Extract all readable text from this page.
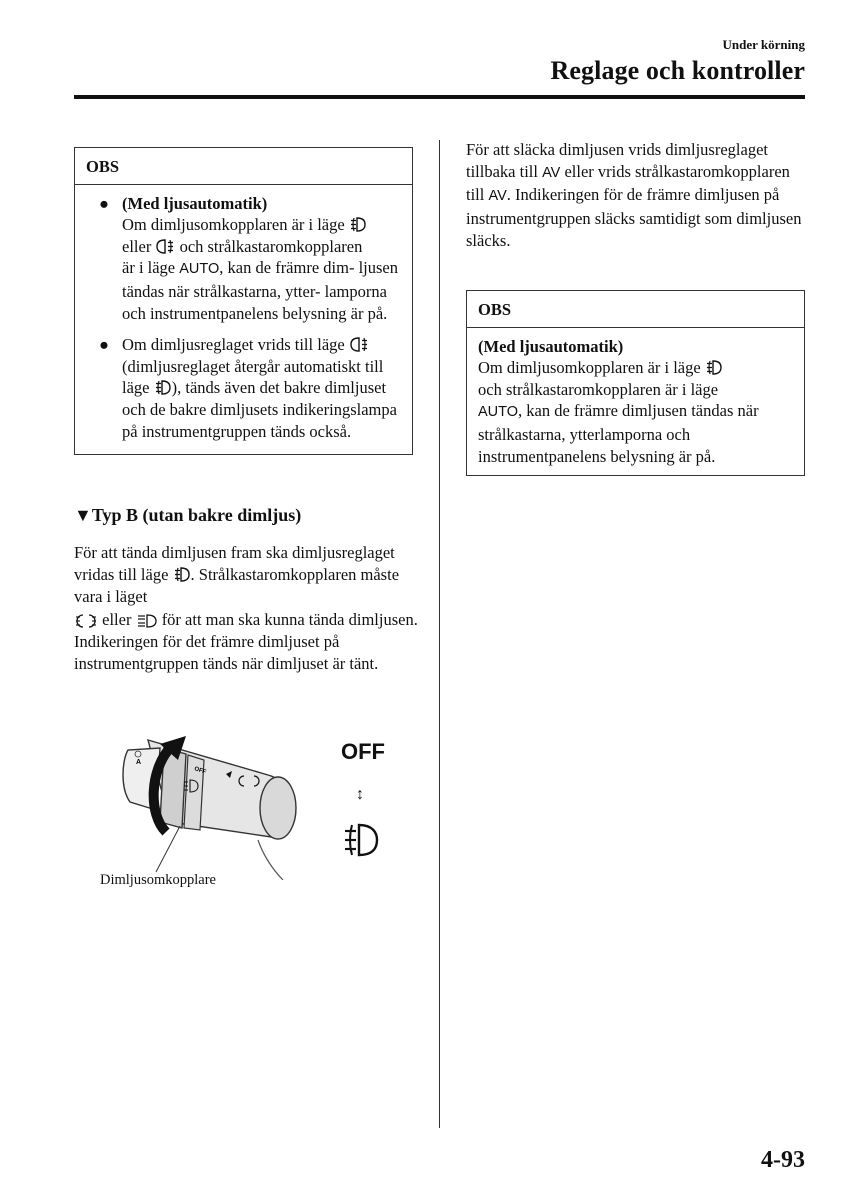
Under körning
Reglage och kontroller
OBS
● (Med ljusautomatik)
Om dimljusomkopplaren är i läge
eller och strålkastaromkopplaren
är i läge AUTO, kan de främre dim- ljusen tändas när strålkastarna, ytter- lamporna och instrumentpanelens belysning är på.
● Om dimljusreglaget vrids till läge  (dimljusreglaget återgår automatiskt till läge ), tänds även det bakre dimljuset och de bakre dimljusets indikeringslampa på instrumentgruppen tänds också.
▼Typ B (utan bakre dimljus)
För att tända dimljusen fram ska dimljusreglaget vridas till läge . Strålkastaromkopplaren måste vara i läget
eller för att man ska kunna tända dimljusen.
Indikeringen för det främre dimljuset på instrumentgruppen tänds när dimljuset är tänt.
OFF
A	OFF
↕
Dimljusomkopplare
För att släcka dimljusen vrids dimljusreglaget tillbaka till AV eller vrids strålkastaromkopplaren till AV. Indikeringen för de främre dimljusen på instrumentgruppen släcks samtidigt som dimljusen släcks.
OBS
(Med ljusautomatik)
Om dimljusomkopplaren är i läge
och strålkastaromkopplaren är i läge
AUTO, kan de främre dimljusen tändas när strålkastarna, ytterlamporna och instrumentpanelens belysning är på.
4-93
